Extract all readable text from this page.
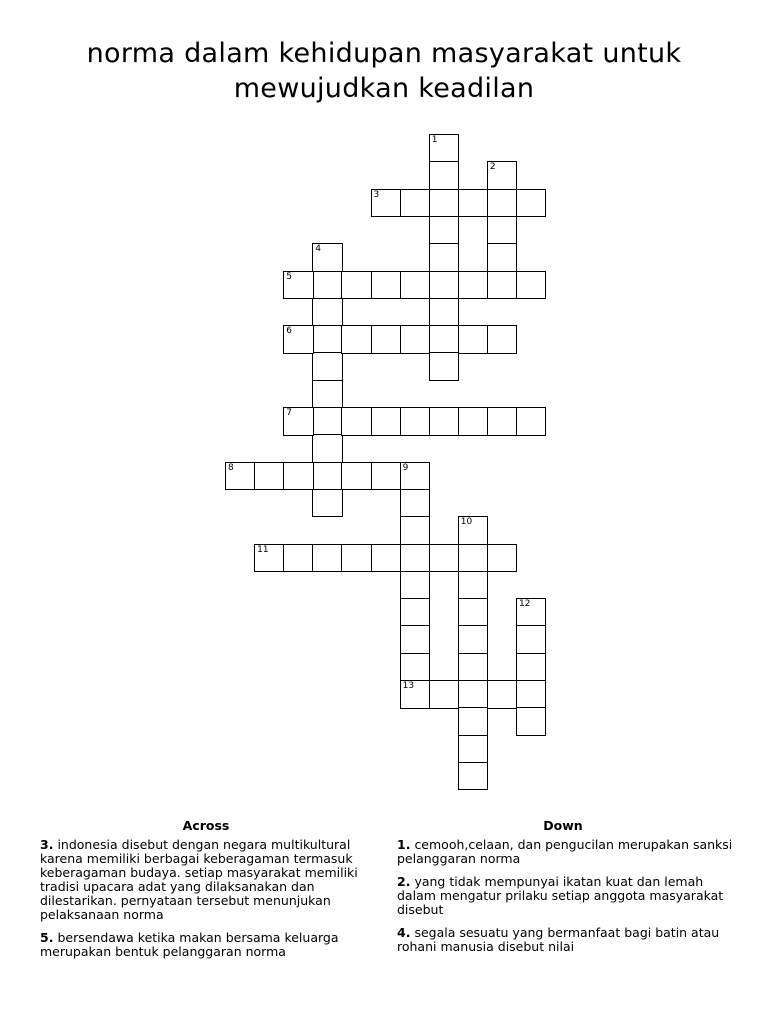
norma dalam kehidupan masyarakat untuk
mewujudkan keadilan
1
2
3
4
5
6
7
8	9
10
11
12
13
Across	Down

3. indonesia disebut dengan negara multikultural karena memiliki berbagai keberagaman termasuk keberagaman budaya. setiap masyarakat memiliki tradisi upacara adat yang dilaksanakan dan dilestarikan. pernyataan tersebut menunjukan pelaksanaan norma

5. bersendawa ketika makan bersama keluarga merupakan bentuk pelanggaran norma

1. cemooh,celaan, dan pengucilan merupakan sanksi pelanggaran norma

2. yang tidak mempunyai ikatan kuat dan lemah dalam mengatur prilaku setiap anggota masyarakat disebut

4. segala sesuatu yang bermanfaat bagi batin atau rohani manusia disebut nilai
